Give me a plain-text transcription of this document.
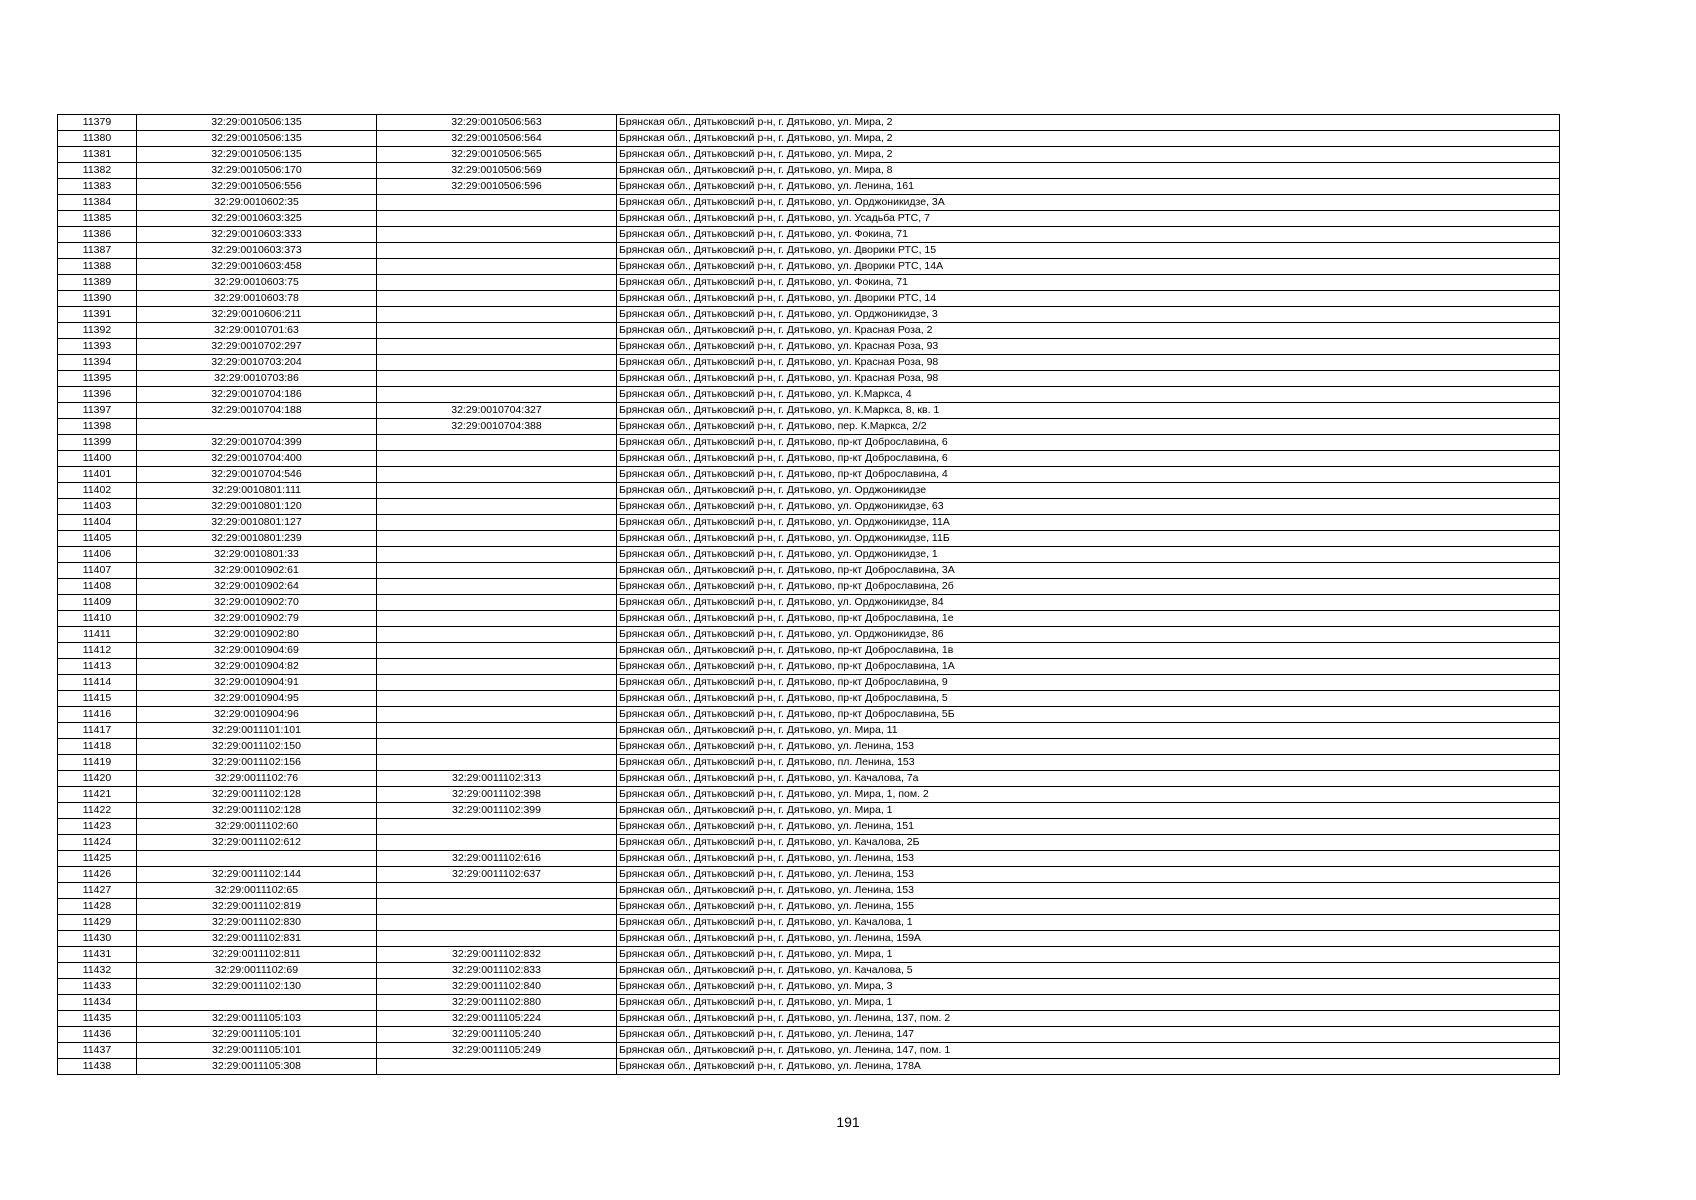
11379	32:29:0010506:135	32:29:0010506:563	Брянская обл., Дятьковский р-н, г. Дятьково, ул. Мира, 2
11380	32:29:0010506:135	32:29:0010506:564	Брянская обл., Дятьковский р-н, г. Дятьково, ул. Мира, 2
11381	32:29:0010506:135	32:29:0010506:565	Брянская обл., Дятьковский р-н, г. Дятьково, ул. Мира, 2
11382	32:29:0010506:170	32:29:0010506:569	Брянская обл., Дятьковский р-н, г. Дятьково, ул. Мира, 8
11383	32:29:0010506:556	32:29:0010506:596	Брянская обл., Дятьковский р-н, г. Дятьково, ул. Ленина, 161
11384	32:29:0010602:35		Брянская обл., Дятьковский р-н, г. Дятьково, ул. Орджоникидзе, 3А
11385	32:29:0010603:325		Брянская обл., Дятьковский р-н, г. Дятьково, ул. Усадьба РТС, 7
11386	32:29:0010603:333		Брянская обл., Дятьковский р-н, г. Дятьково, ул. Фокина, 71
11387	32:29:0010603:373		Брянская обл., Дятьковский р-н, г. Дятьково, ул. Дворики РТС, 15
11388	32:29:0010603:458		Брянская обл., Дятьковский р-н, г. Дятьково, ул. Дворики РТС, 14А
11389	32:29:0010603:75		Брянская обл., Дятьковский р-н, г. Дятьково, ул. Фокина, 71
11390	32:29:0010603:78		Брянская обл., Дятьковский р-н, г. Дятьково, ул. Дворики РТС, 14
11391	32:29:0010606:211		Брянская обл., Дятьковский р-н, г. Дятьково, ул. Орджоникидзе, 3
11392	32:29:0010701:63		Брянская обл., Дятьковский р-н, г. Дятьково, ул. Красная Роза, 2
11393	32:29:0010702:297		Брянская обл., Дятьковский р-н, г. Дятьково, ул. Красная Роза, 93
11394	32:29:0010703:204		Брянская обл., Дятьковский р-н, г. Дятьково, ул. Красная Роза, 98
11395	32:29:0010703:86		Брянская обл., Дятьковский р-н, г. Дятьково, ул. Красная Роза, 98
11396	32:29:0010704:186		Брянская обл., Дятьковский р-н, г. Дятьково, ул. К.Маркса, 4
11397	32:29:0010704:188	32:29:0010704:327	Брянская обл., Дятьковский р-н, г. Дятьково, ул. К.Маркса, 8, кв. 1
11398		32:29:0010704:388	Брянская обл., Дятьковский р-н, г. Дятьково, пер. К.Маркса, 2/2
11399	32:29:0010704:399		Брянская обл., Дятьковский р-н, г. Дятьково, пр-кт Доброславина, 6
11400	32:29:0010704:400		Брянская обл., Дятьковский р-н, г. Дятьково, пр-кт Доброславина, 6
11401	32:29:0010704:546		Брянская обл., Дятьковский р-н, г. Дятьково, пр-кт Доброславина, 4
11402	32:29:0010801:111		Брянская обл., Дятьковский р-н, г. Дятьково, ул. Орджоникидзе
11403	32:29:0010801:120		Брянская обл., Дятьковский р-н, г. Дятьково, ул. Орджоникидзе, 63
11404	32:29:0010801:127		Брянская обл., Дятьковский р-н, г. Дятьково, ул. Орджоникидзе, 11А
11405	32:29:0010801:239		Брянская обл., Дятьковский р-н, г. Дятьково, ул. Орджоникидзе, 11Б
11406	32:29:0010801:33		Брянская обл., Дятьковский р-н, г. Дятьково, ул. Орджоникидзе, 1
11407	32:29:0010902:61		Брянская обл., Дятьковский р-н, г. Дятьково, пр-кт Доброславина, 3А
11408	32:29:0010902:64		Брянская обл., Дятьковский р-н, г. Дятьково, пр-кт Доброславина, 2б
11409	32:29:0010902:70		Брянская обл., Дятьковский р-н, г. Дятьково, ул. Орджоникидзе, 84
11410	32:29:0010902:79		Брянская обл., Дятьковский р-н, г. Дятьково, пр-кт Доброславина, 1е
11411	32:29:0010902:80		Брянская обл., Дятьковский р-н, г. Дятьково, ул. Орджоникидзе, 86
11412	32:29:0010904:69		Брянская обл., Дятьковский р-н, г. Дятьково, пр-кт Доброславина, 1в
11413	32:29:0010904:82		Брянская обл., Дятьковский р-н, г. Дятьково, пр-кт Доброславина, 1А
11414	32:29:0010904:91		Брянская обл., Дятьковский р-н, г. Дятьково, пр-кт Доброславина, 9
11415	32:29:0010904:95		Брянская обл., Дятьковский р-н, г. Дятьково, пр-кт Доброславина, 5
11416	32:29:0010904:96		Брянская обл., Дятьковский р-н, г. Дятьково, пр-кт Доброславина, 5Б
11417	32:29:0011101:101		Брянская обл., Дятьковский р-н, г. Дятьково, ул. Мира, 11
11418	32:29:0011102:150		Брянская обл., Дятьковский р-н, г. Дятьково, ул. Ленина, 153
11419	32:29:0011102:156		Брянская обл., Дятьковский р-н, г. Дятьково, пл. Ленина, 153
11420	32:29:0011102:76	32:29:0011102:313	Брянская обл., Дятьковский р-н, г. Дятьково, ул. Качалова, 7а
11421	32:29:0011102:128	32:29:0011102:398	Брянская обл., Дятьковский р-н, г. Дятьково, ул. Мира, 1, пом. 2
11422	32:29:0011102:128	32:29:0011102:399	Брянская обл., Дятьковский р-н, г. Дятьково, ул. Мира, 1
11423	32:29:0011102:60		Брянская обл., Дятьковский р-н, г. Дятьково, ул. Ленина, 151
11424	32:29:0011102:612		Брянская обл., Дятьковский р-н, г. Дятьково, ул. Качалова, 2Б
11425		32:29:0011102:616	Брянская обл., Дятьковский р-н, г. Дятьково, ул. Ленина, 153
11426	32:29:0011102:144	32:29:0011102:637	Брянская обл., Дятьковский р-н, г. Дятьково, ул. Ленина, 153
11427	32:29:0011102:65		Брянская обл., Дятьковский р-н, г. Дятьково, ул. Ленина, 153
11428	32:29:0011102:819		Брянская обл., Дятьковский р-н, г. Дятьково, ул. Ленина, 155
11429	32:29:0011102:830		Брянская обл., Дятьковский р-н, г. Дятьково, ул. Качалова, 1
11430	32:29:0011102:831		Брянская обл., Дятьковский р-н, г. Дятьково, ул. Ленина, 159А
11431	32:29:0011102:811	32:29:0011102:832	Брянская обл., Дятьковский р-н, г. Дятьково, ул. Мира, 1
11432	32:29:0011102:69	32:29:0011102:833	Брянская обл., Дятьковский р-н, г. Дятьково, ул. Качалова, 5
11433	32:29:0011102:130	32:29:0011102:840	Брянская обл., Дятьковский р-н, г. Дятьково, ул. Мира, 3
11434		32:29:0011102:880	Брянская обл., Дятьковский р-н, г. Дятьково, ул. Мира, 1
11435	32:29:0011105:103	32:29:0011105:224	Брянская обл., Дятьковский р-н, г. Дятьково, ул. Ленина, 137, пом. 2
11436	32:29:0011105:101	32:29:0011105:240	Брянская обл., Дятьковский р-н, г. Дятьково, ул. Ленина, 147
11437	32:29:0011105:101	32:29:0011105:249	Брянская обл., Дятьковский р-н, г. Дятьково, ул. Ленина, 147, пом. 1
11438	32:29:0011105:308		Брянская обл., Дятьковский р-н, г. Дятьково, ул. Ленина, 178А
191
